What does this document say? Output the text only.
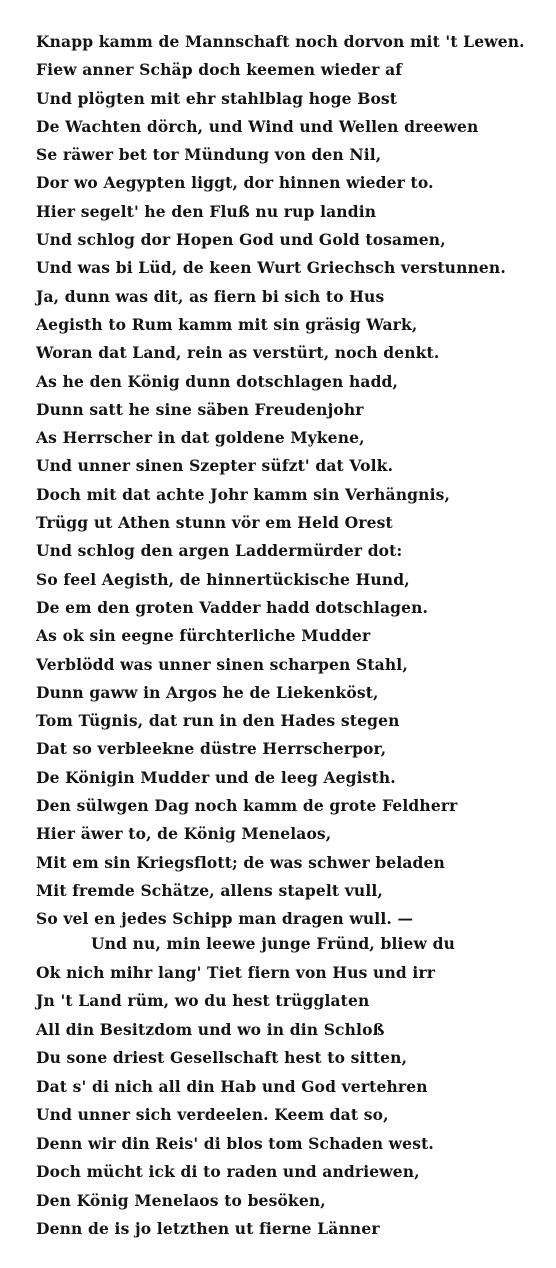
Knapp kamm de Mannschaft noch dorvon mit 't Lewen.
Fiew anner Schäp doch keemen wieder af
Und plögten mit ehr stahlblag hoge Bost
De Wachten dörch, und Wind und Wellen dreewen
Se räwer bet tor Mündung von den Nil,
Dor wo Aegypten liggt, dor hinnen wieder to.
Hier segelt' he den Fluß nu rup landin
Und schlog dor Hopen God und Gold tosamen,
Und was bi Lüd, de keen Wurt Griechsch verstunnen.
Ja, dunn was dit, as fiern bi sich to Hus
Aegisth to Rum kamm mit sin gräsig Wark,
Woran dat Land, rein as verstürt, noch denkt.
As he den König dunn dotschlagen hadd,
Dunn satt he sine säben Freudenjohr
As Herrscher in dat goldene Mykene,
Und unner sinen Szepter süfzt' dat Volk.
Doch mit dat achte Johr kamm sin Verhängnis,
Trügg ut Athen stunn vör em Held Orest
Und schlog den argen Laddermürder dot:
So feel Aegisth, de hinnertückische Hund,
De em den groten Vadder hadd dotschlagen.
As ok sin eegne fürchterliche Mudder
Verblödd was unner sinen scharpen Stahl,
Dunn gaww in Argos he de Liekenköst,
Tom Tügnis, dat run in den Hades stegen
Dat so verbleekne düstre Herrscherpor,
De Königin Mudder und de leeg Aegisth.
Den sülwgen Dag noch kamm de grote Feldherr
Hier äwer to, de König Menelaos,
Mit em sin Kriegsflott; de was schwer beladen
Mit fremde Schätze, allens stapelt vull,
So vel en jedes Schipp man dragen wull. —
Und nu, min leewe junge Fründ, bliew du
Ok nich mihr lang' Tiet fiern von Hus und irr
Jn 't Land rüm, wo du hest trügglaten
All din Besitzdom und wo in din Schloß
Du sone driest Gesellschaft hest to sitten,
Dat s' di nich all din Hab und God vertehren
Und unner sich verdeelen. Keem dat so,
Denn wir din Reis' di blos tom Schaden west.
Doch mücht ick di to raden und andriewen,
Den König Menelaos to besöken,
Denn de is jo letzthen ut fierne Länner
